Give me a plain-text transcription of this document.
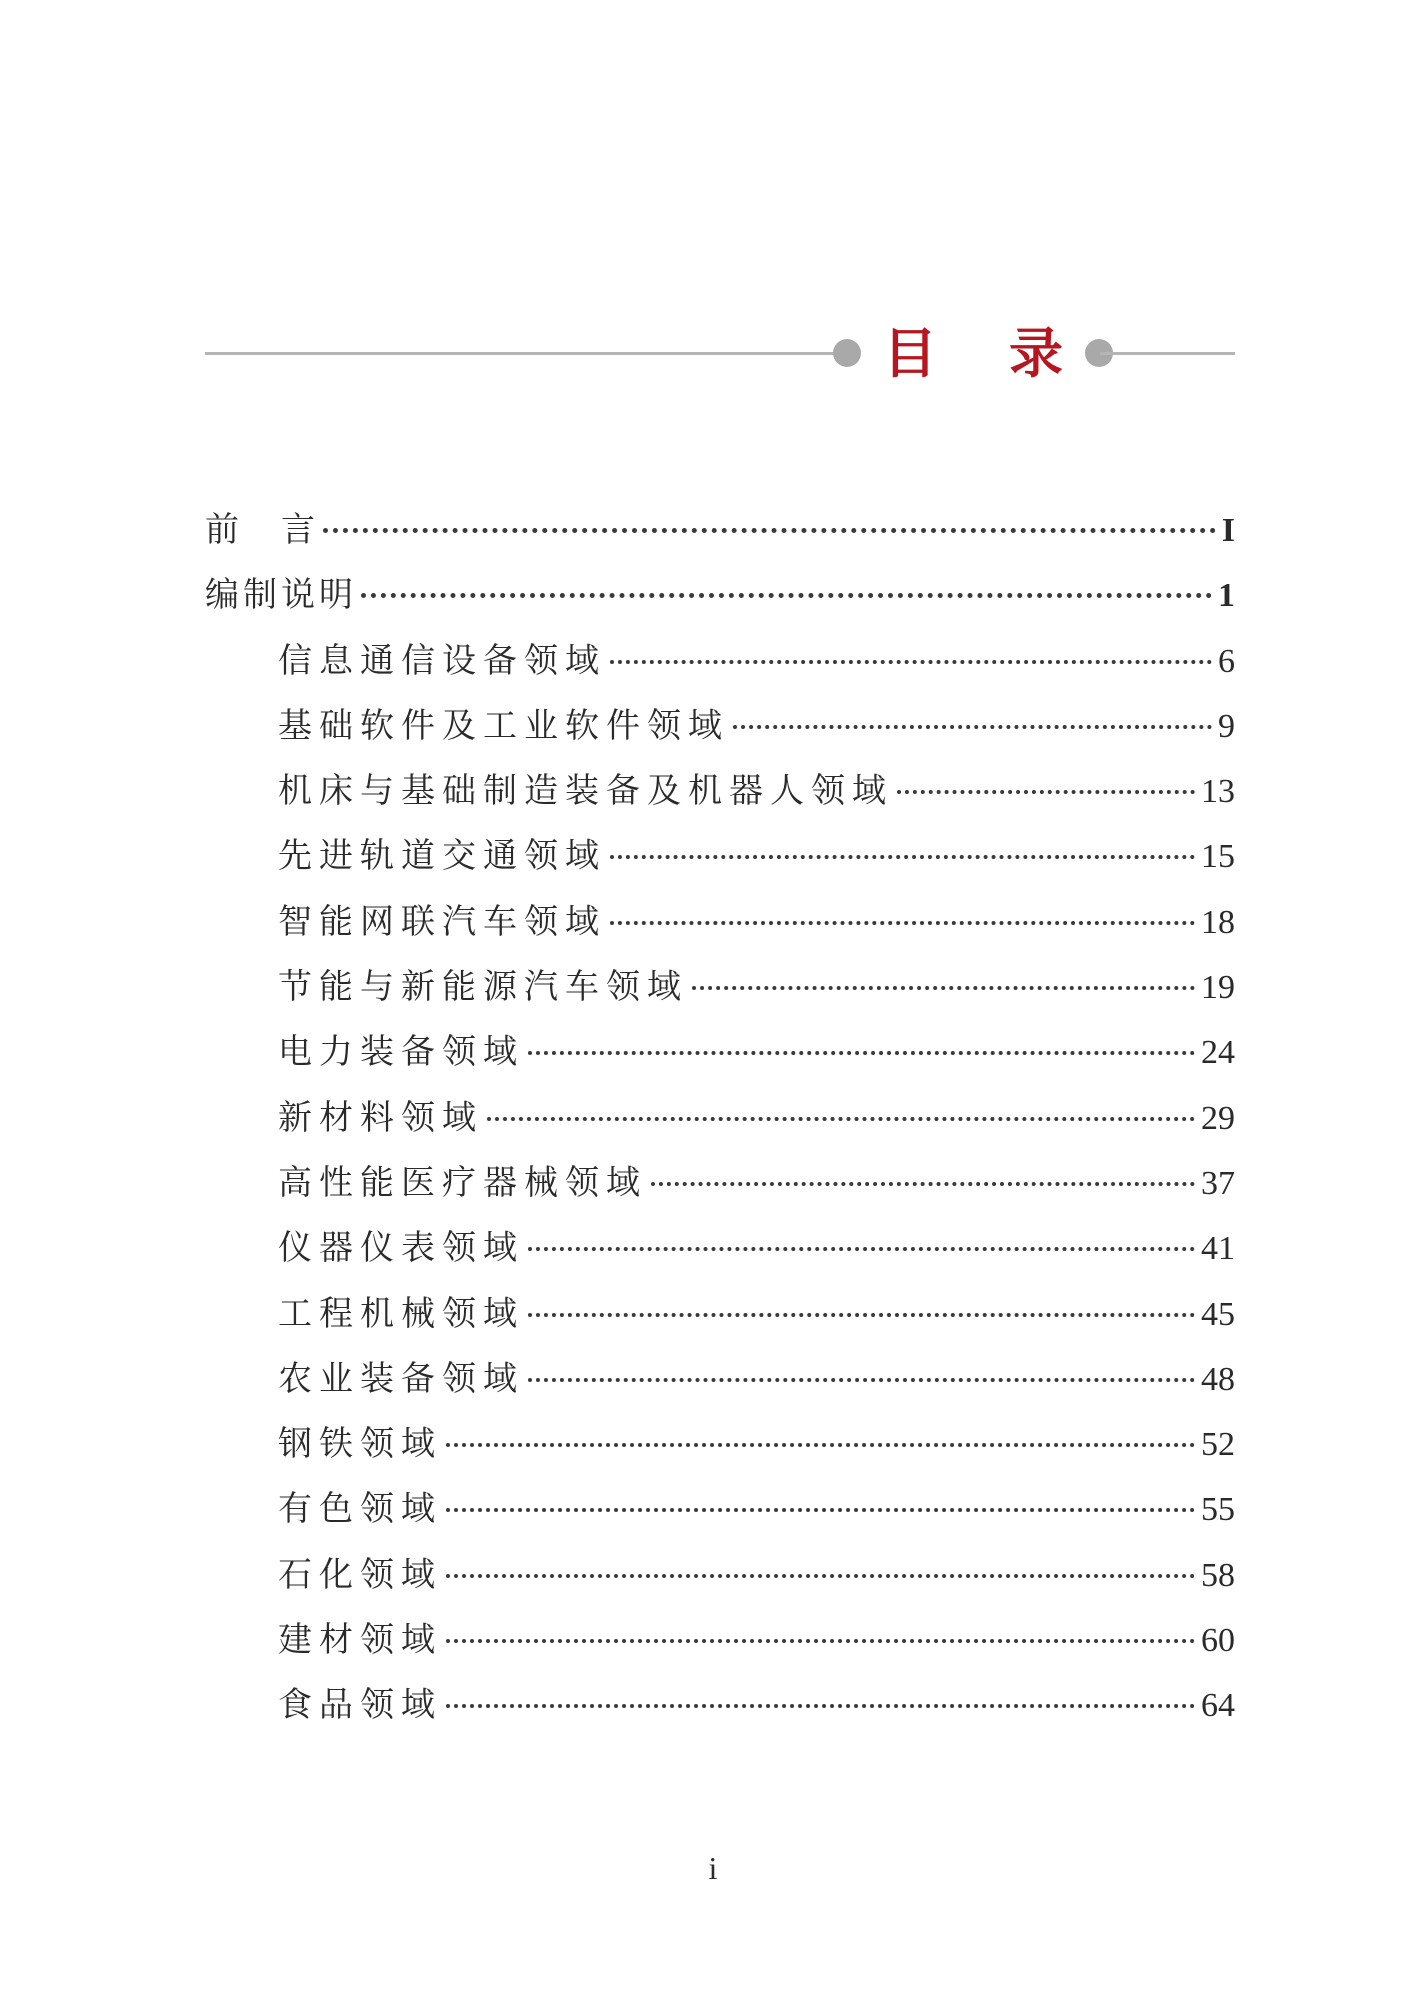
目 录
前　言	I
编制说明	1
信息通信设备领域	6
基础软件及工业软件领域	9
机床与基础制造装备及机器人领域	13
先进轨道交通领域	15
智能网联汽车领域	18
节能与新能源汽车领域	19
电力装备领域	24
新材料领域	29
高性能医疗器械领域	37
仪器仪表领域	41
工程机械领域	45
农业装备领域	48
钢铁领域	52
有色领域	55
石化领域	58
建材领域	60
食品领域	64
i
